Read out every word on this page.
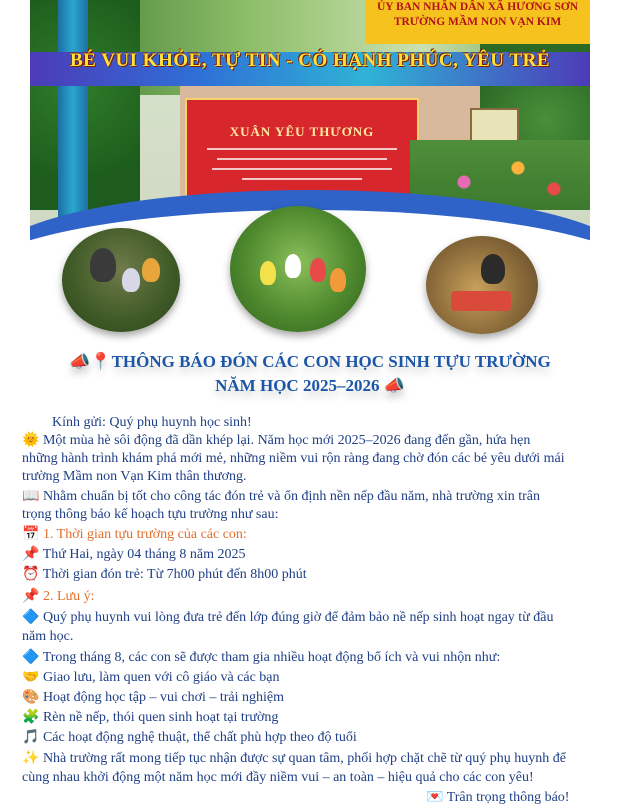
BÉ VUI KHỎE, TỰ TIN - CÓ HẠNH PHÚC, YÊU TRẺ
XUÂN YÊU THƯƠNG
ỦY BAN NHÂN DÂN XÃ HƯƠNG SƠN
TRƯỜNG MẦM NON VẠN KIM
📣📍THÔNG BÁO ĐÓN CÁC CON HỌC SINH TỰU TRƯỜNG
NĂM HỌC 2025–2026 📣
Kính gửi: Quý phụ huynh học sinh!
🌞 Một mùa hè sôi động đã dần khép lại. Năm học mới 2025–2026 đang đến gần, hứa hẹn
những hành trình khám phá mới mẻ, những niềm vui rộn ràng đang chờ đón các bé yêu dưới mái
trường Mầm non Vạn Kim thân thương.
📖 Nhằm chuẩn bị tốt cho công tác đón trẻ và ổn định nền nếp đầu năm, nhà trường xin trân
trọng thông báo kế hoạch tựu trường như sau:
📅 1. Thời gian tựu trường của các con:
📌 Thứ Hai, ngày 04 tháng 8 năm 2025
⏰ Thời gian đón trẻ: Từ 7h00 phút đến 8h00 phút
📌 2. Lưu ý:
🔷 Quý phụ huynh vui lòng đưa trẻ đến lớp đúng giờ để đảm bảo nề nếp sinh hoạt ngay từ đầu
năm học.
🔷 Trong tháng 8, các con sẽ được tham gia nhiều hoạt động bổ ích và vui nhộn như:
🤝 Giao lưu, làm quen với cô giáo và các bạn
🎨 Hoạt động học tập – vui chơi – trải nghiệm
🧩 Rèn nề nếp, thói quen sinh hoạt tại trường
🎵 Các hoạt động nghệ thuật, thể chất phù hợp theo độ tuổi
✨ Nhà trường rất mong tiếp tục nhận được sự quan tâm, phối hợp chặt chẽ từ quý phụ huynh để
cùng nhau khởi động một năm học mới đầy niềm vui – an toàn – hiệu quả cho các con yêu!
💌 Trân trọng thông báo!
